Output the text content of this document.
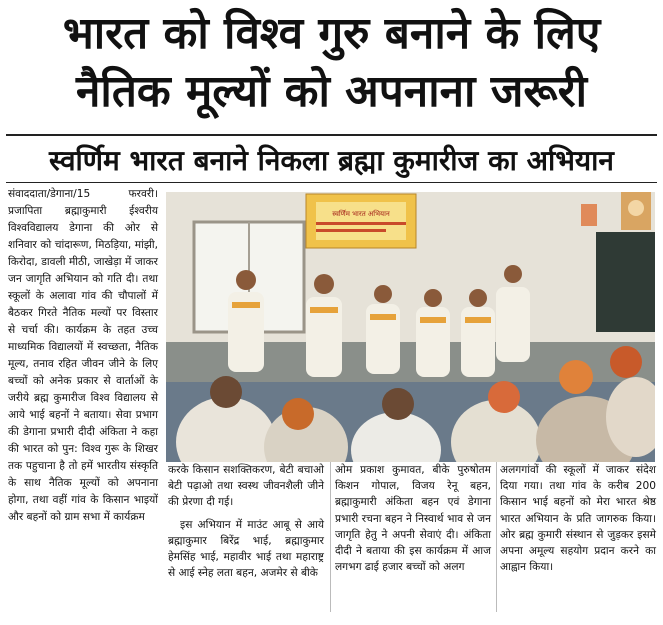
भारत को विश्व गुरु बनाने के लिए
नैतिक मूल्यों को अपनाना जरूरी
स्वर्णिम भारत बनाने निकला ब्रह्मा कुमारीज का अभियान

संवाददाता/डेगाना/15 फरवरी। प्रजापिता ब्रह्माकुमारी ईश्वरीय विश्वविद्यालय डेगाना की ओर से शनिवार को चांदारूण, मिठड़िया, मांझी, किरोदा, डावली मीठी, जाखेड़ा में जाकर जन जागृति अभियान को गति दी। तथा स्कूलों के अलावा गांव की चौपालों में बैठकर गिरते नैतिक मल्यों पर विस्तार से चर्चा की। कार्यक्रम के तहत उच्च माध्यमिक विद्यालयों में स्वच्छता, नैतिक मूल्य, तनाव रहित जीवन जीने के लिए बच्चों को अनेक प्रकार से वार्ताओं के जरीये ब्रह्म कुमारीज विश्व विद्यालय से आये भाई बहनों ने बताया। सेवा प्रभाग की डेगाना प्रभारी दीदी अंकिता ने कहा की भारत को पुन: विश्व गुरू के शिखर तक पहुचाना है तो हमें भारतीय संस्कृति के साथ नैतिक मूल्यों को अपनाना होगा, तथा वहीं गांव के किसान भाइयों और बहनों को ग्राम सभा में कार्यक्रम

स्वर्णिम भारत अभियान

करके किसान सशक्तिकरण, बेटी बचाओ बेटी पढ़ाओ तथा स्वस्थ जीवनशैली जीने की प्रेरणा दी गई।

इस अभियान में माउंट आबू से आये ब्रह्माकुमार बिरेंद्र भाई, ब्रह्माकुमार हेमसिंह भाई, महावीर भाई तथा महाराष्ट्र से आई स्नेह लता बहन, अजमेर से बीके

ओम प्रकाश कुमावत, बीके पुरुषोतम किशन गोपाल, विजय रेनू बहन, ब्रह्माकुमारी अंकिता बहन एवं डेगाना प्रभारी रचना बहन ने निस्वार्थ भाव से जन जागृति हेतु ने अपनी सेवाएं दी। अंकिता दीदी ने बताया की इस कार्यक्रम में आज लगभग ढाई हजार बच्चों को अलग

अलगगांवों की स्कूलों में जाकर संदेश दिया गया। तथा गांव के करीब 200 किसान भाई बहनों को मेरा भारत श्रेष्ठ भारत अभियान के प्रति जागरुक किया। ओर ब्रह्म कुमारी संस्थान से जुड़कर इसमे अपना अमूल्य सहयोग प्रदान करने का आह्वान किया।
